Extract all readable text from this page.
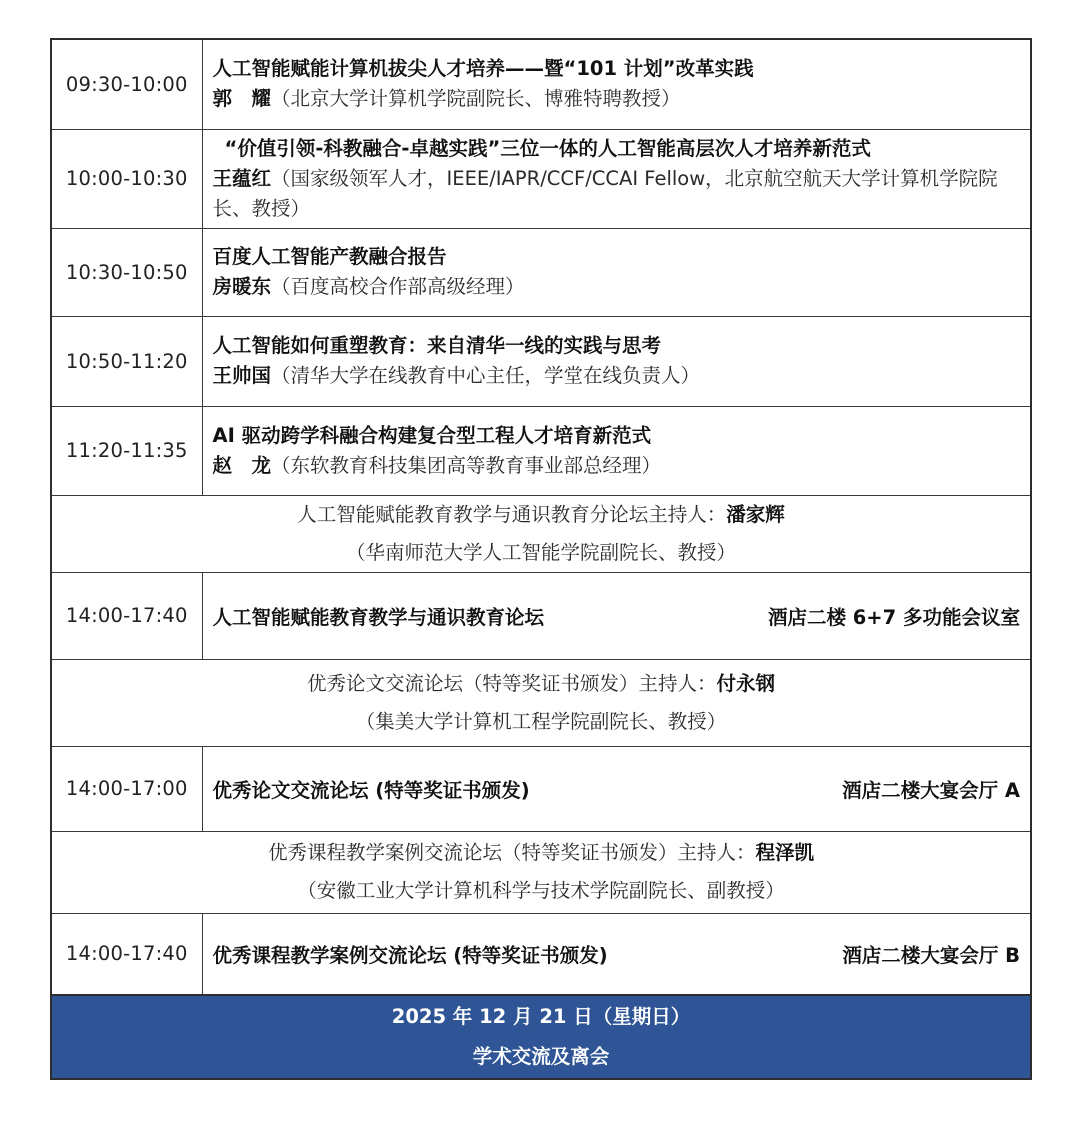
09:30-10:00	人工智能赋能计算机拔尖人才培养——暨“101 计划”改革实践
郭　耀（北京大学计算机学院副院长、博雅特聘教授）

10:00-10:30	“价值引领-科教融合-卓越实践”三位一体的人工智能高层次人才培养新范式
王蕴红（国家级领军人才，IEEE/IAPR/CCF/CCAI Fellow，北京航空航天大学计算机学院院长、教授）

10:30-10:50	百度人工智能产教融合报告
房暖东（百度高校合作部高级经理）

10:50-11:20	人工智能如何重塑教育：来自清华一线的实践与思考
王帅国（清华大学在线教育中心主任，学堂在线负责人）

11:20-11:35	AI 驱动跨学科融合构建复合型工程人才培育新范式
赵　龙（东软教育科技集团高等教育事业部总经理）

人工智能赋能教育教学与通识教育分论坛主持人：潘家辉
（华南师范大学人工智能学院副院长、教授）	

14:00-17:40	人工智能赋能教育教学与通识教育论坛 酒店二楼 6+7 多功能会议室

优秀论文交流论坛（特等奖证书颁发）主持人：付永钢
（集美大学计算机工程学院副院长、教授）	

14:00-17:00	优秀论文交流论坛 (特等奖证书颁发) 酒店二楼大宴会厅 A

优秀课程教学案例交流论坛（特等奖证书颁发）主持人：程泽凯
（安徽工业大学计算机科学与技术学院副院长、副教授）	

14:00-17:40	优秀课程教学案例交流论坛 (特等奖证书颁发) 酒店二楼大宴会厅 B

2025 年 12 月 21 日（星期日）
学术交流及离会	
